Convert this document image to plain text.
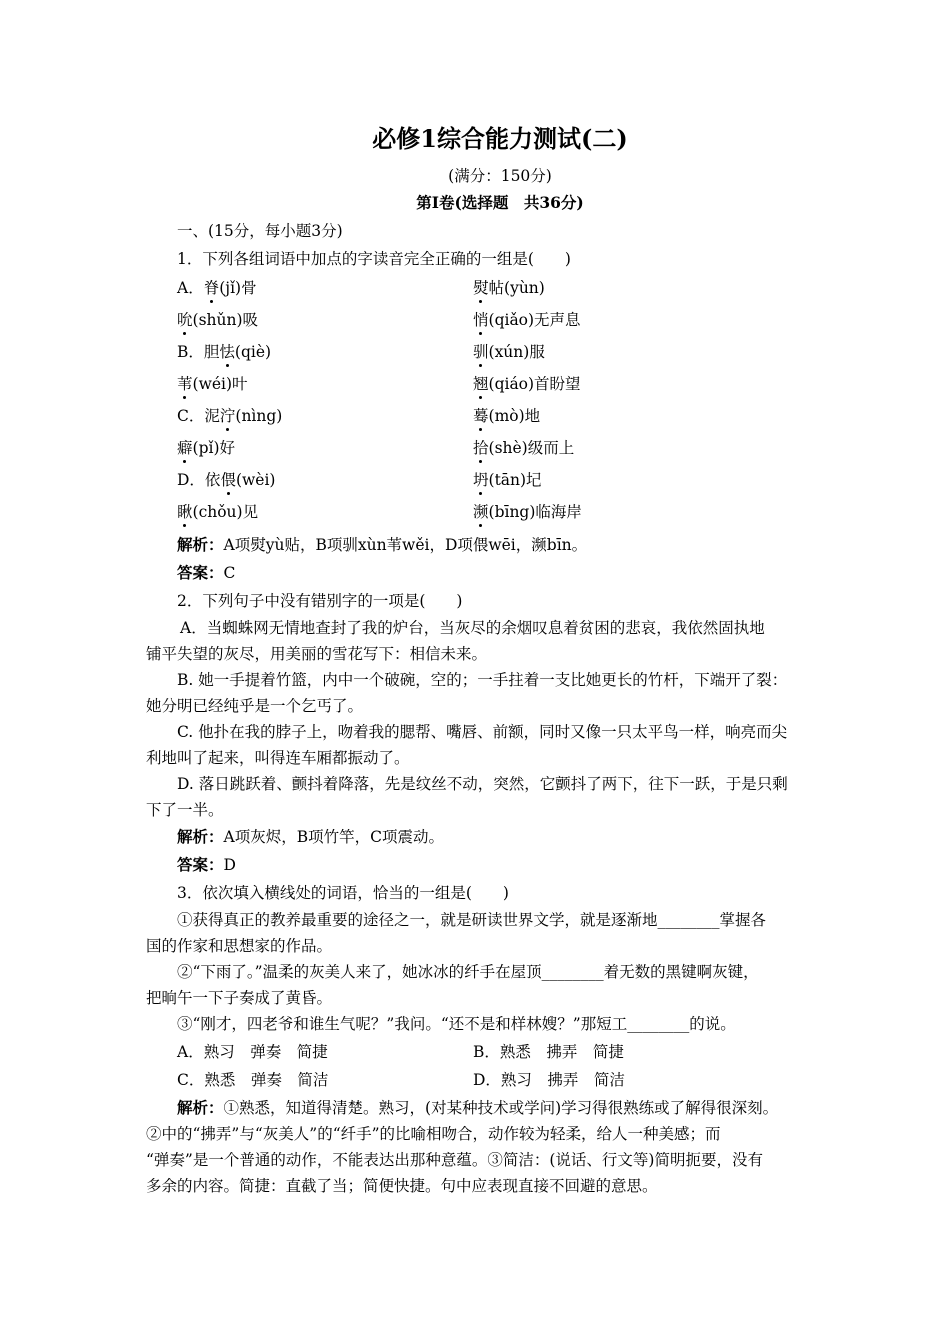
必修1综合能力测试(二)
(满分：150分)
第Ⅰ卷(选择题　共36分)
一、(15分，每小题3分)
1．下列各组词语中加点的字读音完全正确的一组是(　　)
A．脊(jǐ)骨	熨帖(yùn)
吮(shǔn)吸	悄(qiǎo)无声息
B．胆怯(qiè)	驯(xún)服
苇(wéi)叶	翘(qiáo)首盼望
C．泥泞(nìng)	蓦(mò)地
癖(pǐ)好	拾(shè)级而上
D．依偎(wèi)	坍(tān)圮
瞅(chǒu)见	濒(bīng)临海岸
解析：A项熨yù贴，B项驯xùn苇wěi，D项偎wēi，濒bīn。
答案：C
2．下列句子中没有错别字的一项是(　　)
A．当蜘蛛网无情地查封了我的炉台，当灰尽的余烟叹息着贫困的悲哀，我依然固执地
铺平失望的灰尽，用美丽的雪花写下：相信未来。
B. 她一手提着竹篮，内中一个破碗，空的；一手拄着一支比她更长的竹杆，下端开了裂：
她分明已经纯乎是一个乞丐了。
C. 他扑在我的脖子上，吻着我的腮帮、嘴唇、前额，同时又像一只太平鸟一样，响亮而尖
利地叫了起来，叫得连车厢都振动了。
D. 落日跳跃着、颤抖着降落，先是纹丝不动，突然，它颤抖了两下，往下一跃，于是只剩
下了一半。
解析：A项灰烬，B项竹竿，C项震动。
答案：D
3．依次填入横线处的词语，恰当的一组是(　　)
①获得真正的教养最重要的途径之一，就是研读世界文学，就是逐渐地________掌握各
国的作家和思想家的作品。
②“下雨了。”温柔的灰美人来了，她冰冰的纤手在屋顶________着无数的黑键啊灰键，
把晌午一下子奏成了黄昏。
③“刚才，四老爷和谁生气呢？”我问。“还不是和样林嫂？”那短工________的说。
A．熟习　弹奏　简捷	B．熟悉　拂弄　简捷
C．熟悉　弹奏　简洁	D．熟习　拂弄　简洁
解析：①熟悉，知道得清楚。熟习，(对某种技术或学问)学习得很熟练或了解得很深刻。
②中的“拂弄”与“灰美人”的“纤手”的比喻相吻合，动作较为轻柔，给人一种美感；而
“弹奏”是一个普通的动作，不能表达出那种意蕴。③简洁：(说话、行文等)简明扼要，没有
多余的内容。简捷：直截了当；简便快捷。句中应表现直接不回避的意思。
